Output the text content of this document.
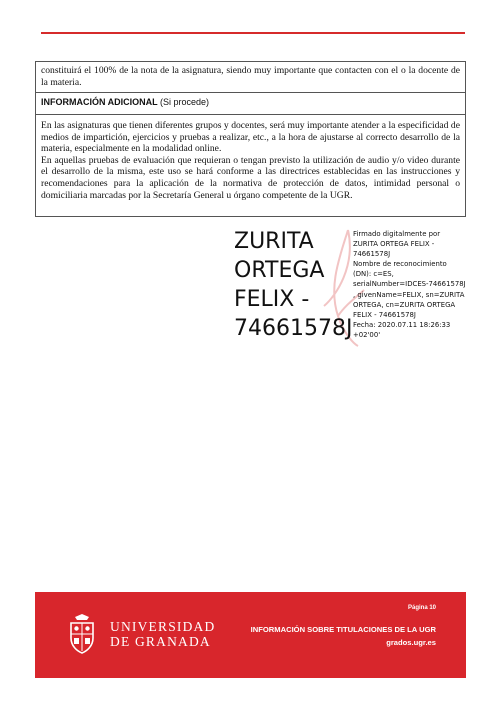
constituirá el 100% de la nota de la asignatura, siendo muy importante que contacten con el o la docente de la materia.

INFORMACIÓN ADICIONAL (Si procede)

En las asignaturas que tienen diferentes grupos y docentes, será muy importante atender a la especificidad de medios de impartición, ejercicios y pruebas a realizar, etc., a la hora de ajustarse al correcto desarrollo de la materia, especialmente en la modalidad online.

En aquellas pruebas de evaluación que requieran o tengan previsto la utilización de audio y/o video durante el desarrollo de la misma, este uso se hará conforme a las directrices establecidas en las instrucciones y recomendaciones para la aplicación de la normativa de protección de datos, intimidad personal o domiciliaria marcadas por la Secretaría General u órgano competente de la UGR.

ZURITA
ORTEGA
FELIX -
74661578J
Firmado digitalmente por
ZURITA ORTEGA FELIX -
74661578J
Nombre de reconocimiento
(DN): c=ES,
serialNumber=IDCES-74661578J
, givenName=FELIX, sn=ZURITA
ORTEGA, cn=ZURITA ORTEGA
FELIX - 74661578J
Fecha: 2020.07.11 18:26:33
+02'00'
UNIVERSIDAD
DE GRANADA
Página 10
INFORMACIÓN SOBRE TITULACIONES DE LA UGR
grados.ugr.es
